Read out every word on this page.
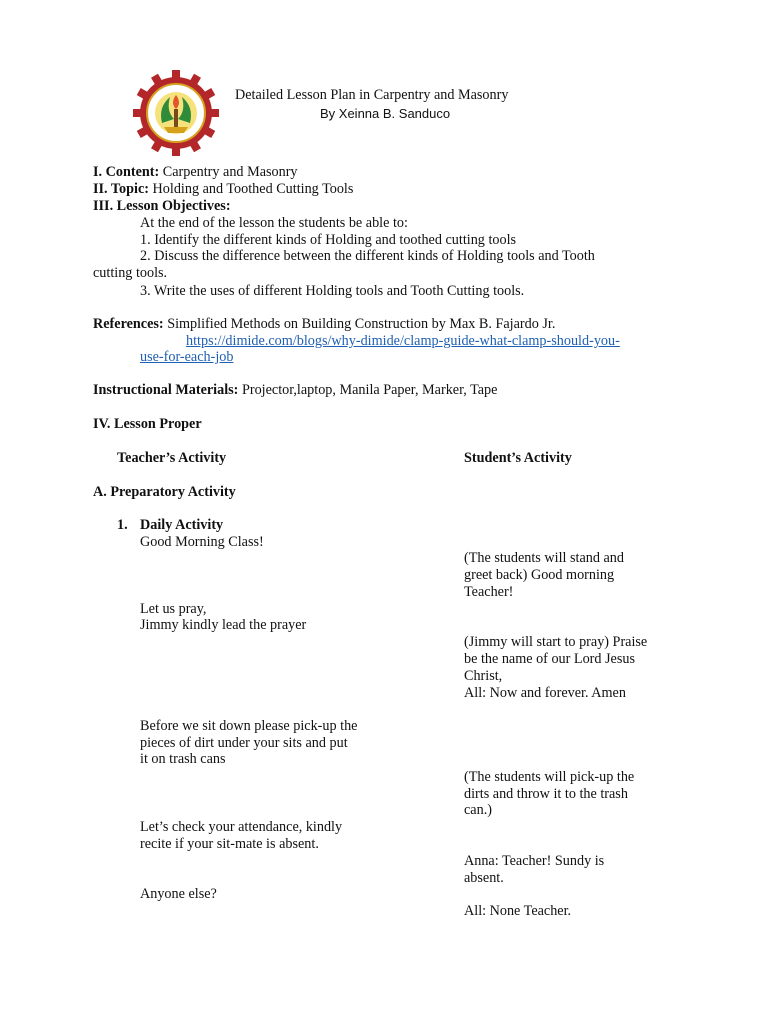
Detailed Lesson Plan in Carpentry and Masonry
By Xeinna B. Sanduco
I. Content: Carpentry and Masonry
II. Topic: Holding and Toothed Cutting Tools
III. Lesson Objectives:
At the end of the lesson the students be able to:
1. Identify the different kinds of Holding and toothed cutting tools
2. Discuss the difference between the different kinds of Holding tools and Tooth
cutting tools.
3. Write the uses of different Holding tools and Tooth Cutting tools.
References: Simplified Methods on Building Construction by Max B. Fajardo Jr.
https://dimide.com/blogs/why-dimide/clamp-guide-what-clamp-should-you-
use-for-each-job
Instructional Materials: Projector,laptop, Manila Paper, Marker, Tape
IV. Lesson Proper
Teacher’s Activity	Student’s Activity
A. Preparatory Activity
1. Daily Activity
Good Morning Class!
Let us pray,
Jimmy kindly lead the prayer
Before we sit down please pick-up the
pieces of dirt under your sits and put
it on trash cans
Let’s check your attendance, kindly
recite if your sit-mate is absent.
Anyone else?
(The students will stand and
greet back) Good morning
Teacher!
(Jimmy will start to pray) Praise
be the name of our Lord Jesus
Christ,
All: Now and forever. Amen
(The students will pick-up the
dirts and throw it to the trash
can.)
Anna: Teacher! Sundy is
absent.
All: None Teacher.
